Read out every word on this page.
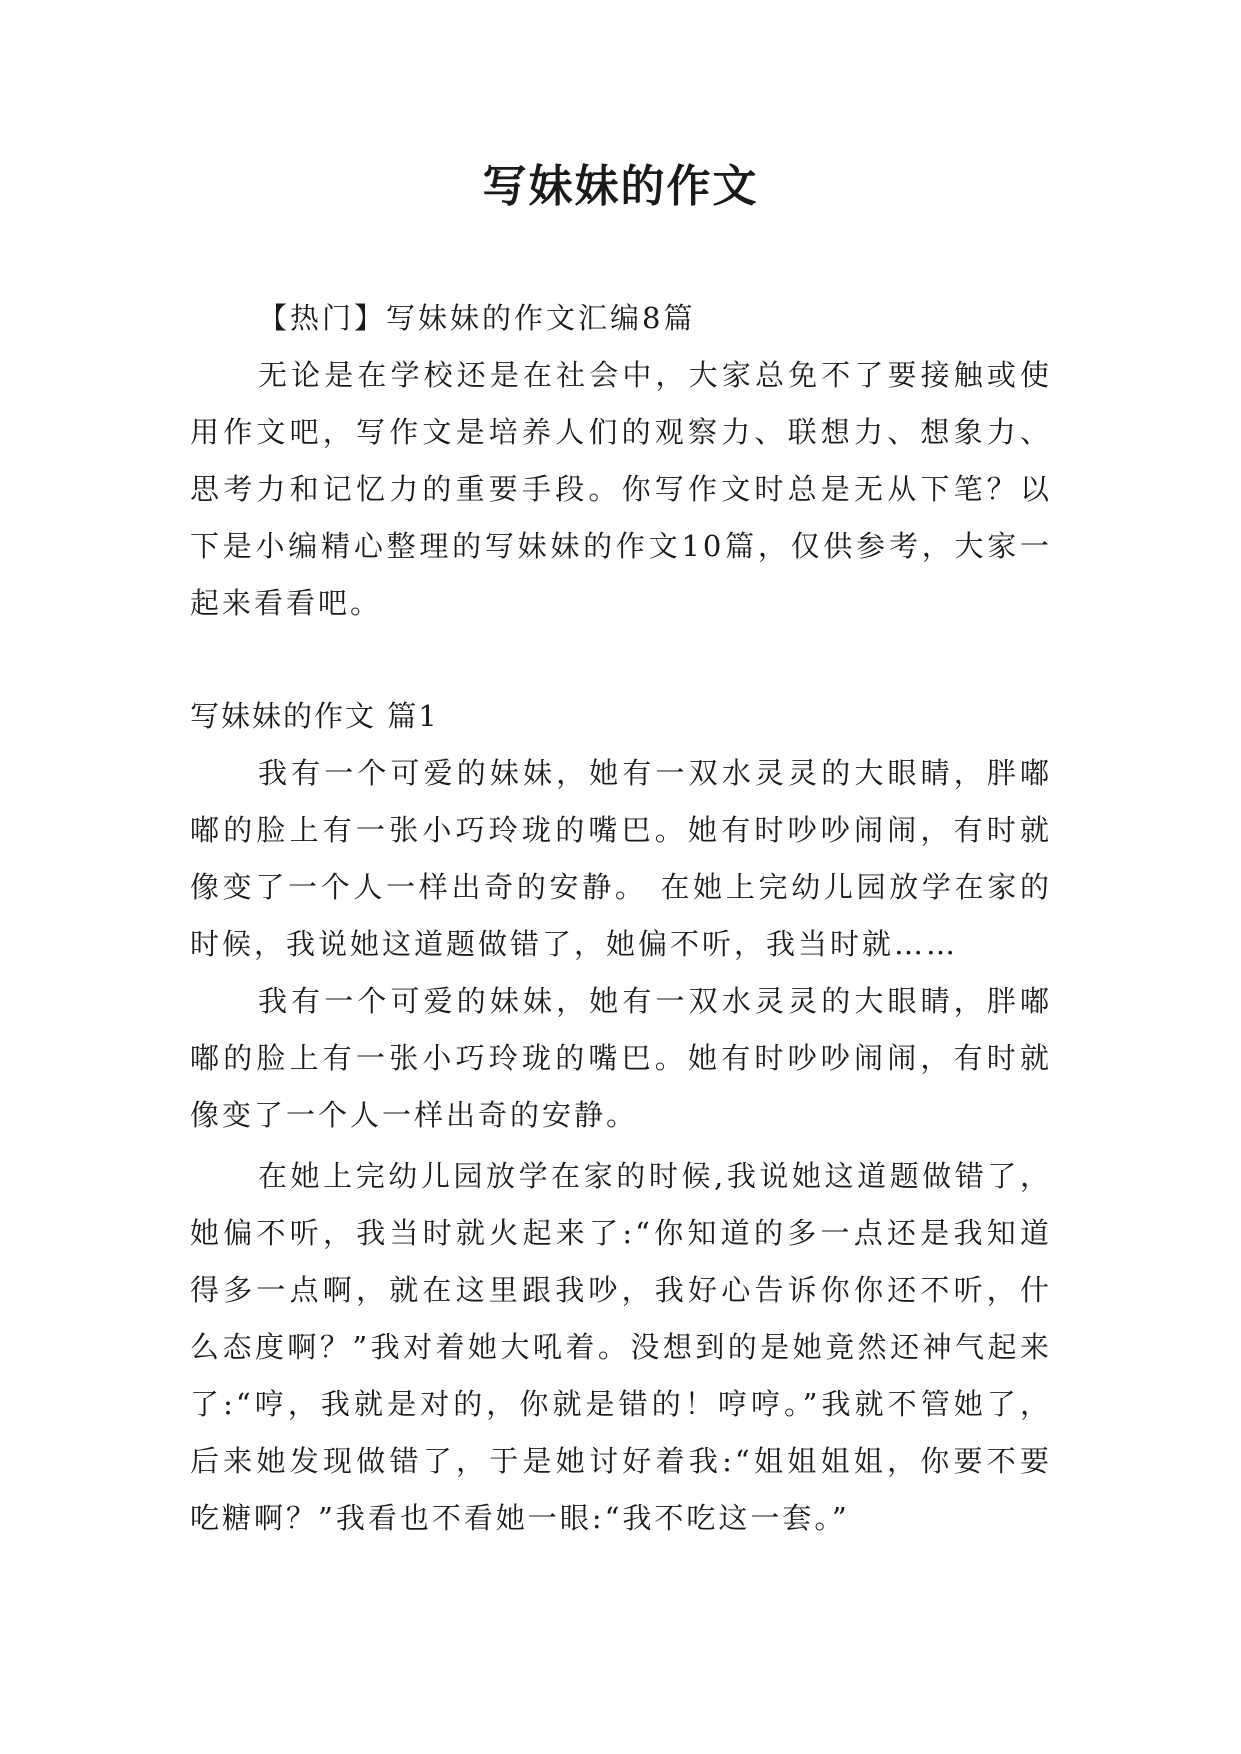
写妹妹的作文

【热门】写妹妹的作文汇编8篇

无论是在学校还是在社会中，大家总免不了要接触或使用作文吧，写作文是培养人们的观察力、联想力、想象力、思考力和记忆力的重要手段。你写作文时总是无从下笔？以下是小编精心整理的写妹妹的作文10篇，仅供参考，大家一起来看看吧。

写妹妹的作文 篇1

我有一个可爱的妹妹，她有一双水灵灵的大眼睛，胖嘟嘟的脸上有一张小巧玲珑的嘴巴。她有时吵吵闹闹，有时就像变了一个人一样出奇的安静。 在她上完幼儿园放学在家的时候，我说她这道题做错了，她偏不听，我当时就……

我有一个可爱的妹妹，她有一双水灵灵的大眼睛，胖嘟嘟的脸上有一张小巧玲珑的嘴巴。她有时吵吵闹闹，有时就像变了一个人一样出奇的安静。

在她上完幼儿园放学在家的时候,我说她这道题做错了，她偏不听，我当时就火起来了:“你知道的多一点还是我知道得多一点啊，就在这里跟我吵，我好心告诉你你还不听，什么态度啊？”我对着她大吼着。没想到的是她竟然还神气起来了:“哼，我就是对的，你就是错的！哼哼。”我就不管她了，后来她发现做错了，于是她讨好着我:“姐姐姐姐，你要不要吃糖啊？”我看也不看她一眼:“我不吃这一套。”
